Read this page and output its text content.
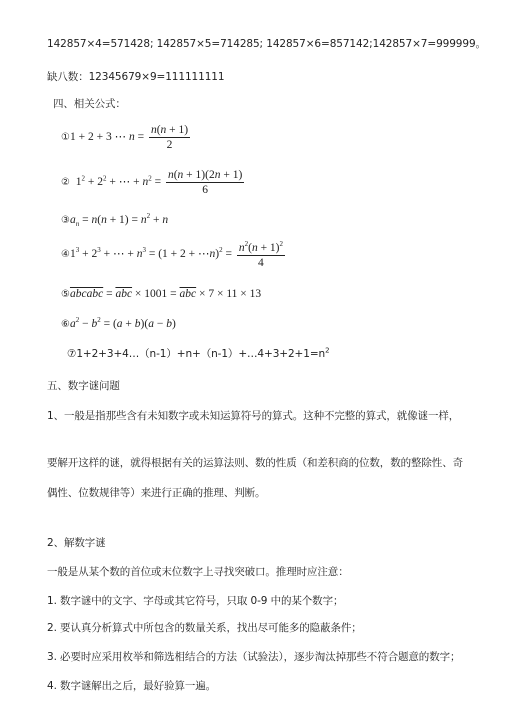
142857×4=571428; 142857×5=714285; 142857×6=857142;142857×7=999999。
缺八数：12345679×9=111111111
四、相关公式：
①1 + 2 + 3 ⋯ $n = \frac{n(n + 1)}{2}$
②  $1^2 + 2^2$ + ⋯ + $n^2 = \frac{n(n + 1)(2n + 1)}{6}$
$③a_n = n(n + 1) = n^2 + n$
$④1^3 + 2^3$ + ⋯ + $n^3 = (1 + 2$ + ⋯n)$^2$ = $\frac{n^2(n + 1)^2}{4}$
⑤abcabc = $\overline{abc} \times 1001 = \overline{abc} \times 7 \times 11 \times 13$
$⑥a^2 - b^2 = (a + b)(a - b)$
$⑦1+2+3+4\dots(n-1)+n+(n-1)+\dots 4+3+2+1=n^2$
五、数字谜问题
1、一般是指那些含有未知数字或未知运算符号的算式。这种不完整的算式，就像谜一样，
要解开这样的谜，就得根据有关的运算法则、数的性质（和差积商的位数，数的整除性、奇
偶性、位数规律等）来进行正确的推理、判断。
2、解数字谜
一般是从某个数的首位或末位数字上寻找突破口。推理时应注意：
1. 数字谜中的文字、字母或其它符号，只取 0-9 中的某个数字；
2. 要认真分析算式中所包含的数量关系，找出尽可能多的隐蔽条件；
3. 必要时应采用枚举和筛选相结合的方法（试验法），逐步淘汰掉那些不符合题意的数字；
4. 数字谜解出之后，最好验算一遍。
